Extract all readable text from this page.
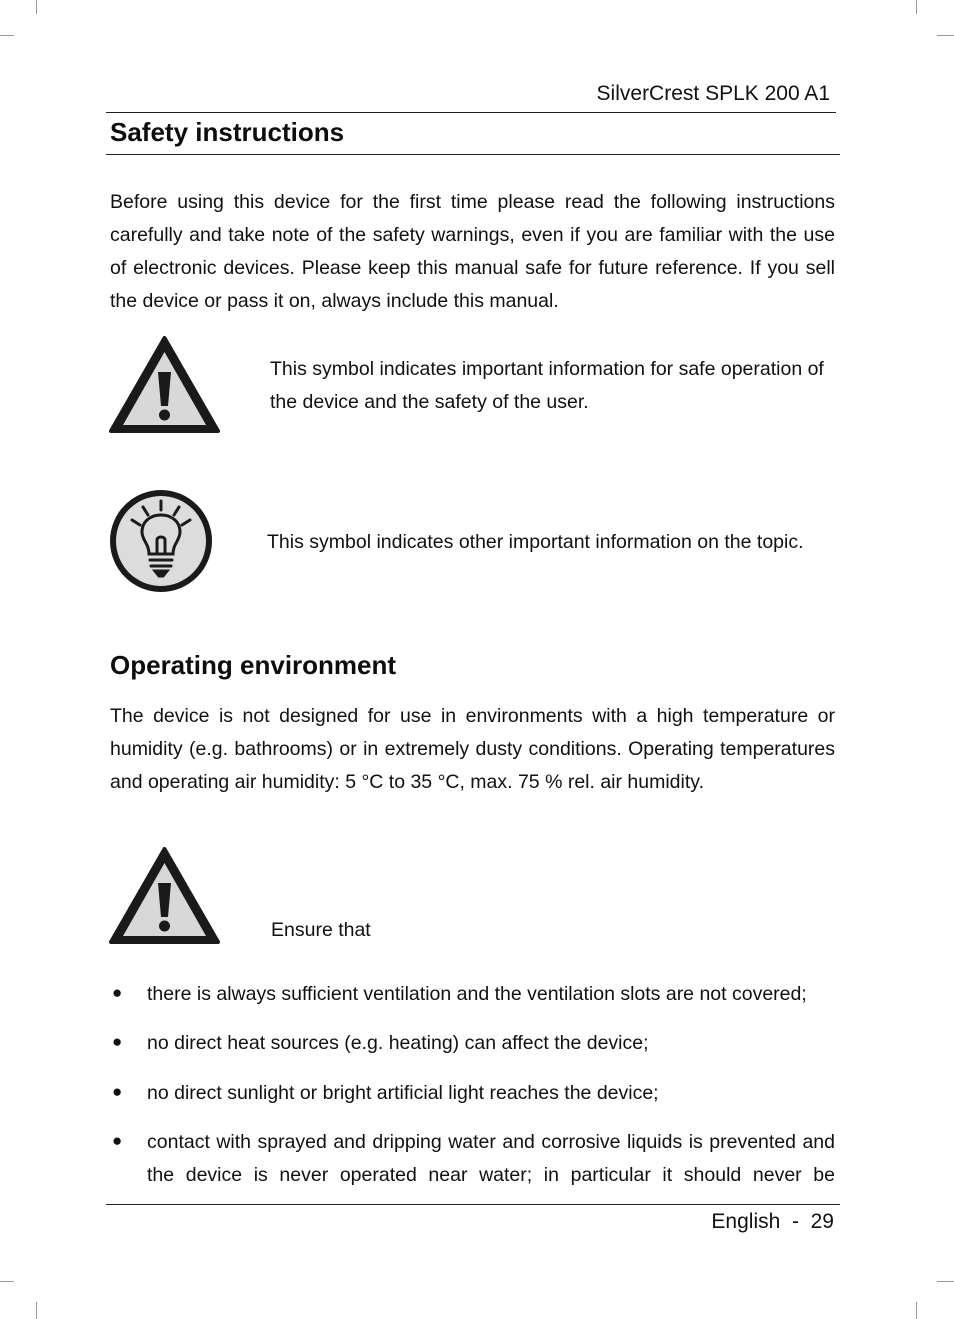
SilverCrest SPLK 200 A1
Safety instructions
Before using this device for the first time please read the following instructions carefully and take note of the safety warnings, even if you are familiar with the use of electronic devices. Please keep this manual safe for future reference. If you sell the device or pass it on, always include this manual.
This symbol indicates important information for safe operation of the device and the safety of the user.
This symbol indicates other important information on the topic.
Operating environment
The device is not designed for use in environments with a high temperature or humidity (e.g. bathrooms) or in extremely dusty conditions. Operating temperatures and operating air humidity: 5 °C to 35 °C, max. 75 % rel. air humidity.
Ensure that
● there is always sufficient ventilation and the ventilation slots are not covered;
● no direct heat sources (e.g. heating) can affect the device;
● no direct sunlight or bright artificial light reaches the device;
● contact with sprayed and dripping water and corrosive liquids is prevented and the device is never operated near water; in particular it should never be
English  -  29
